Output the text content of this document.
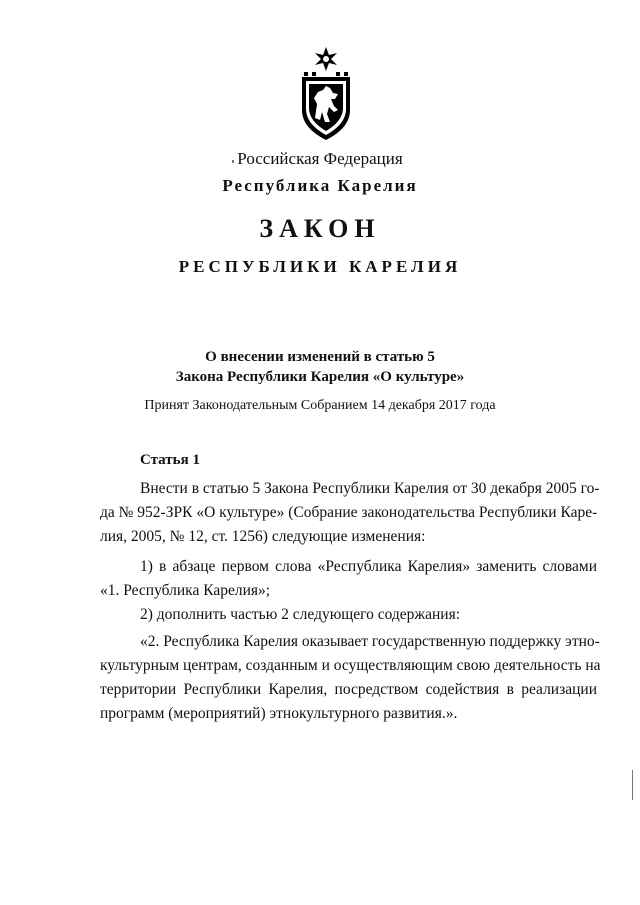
Российская Федерация
Республика Карелия
ЗАКОН
РЕСПУБЛИКИ КАРЕЛИЯ
О внесении изменений в статью 5
Закона Республики Карелия «О культуре»
Принят Законодательным Собранием 14 декабря 2017 года
Статья 1
Внести в статью 5 Закона Республики Карелия от 30 декабря 2005 го-
да № 952-ЗРК «О культуре» (Собрание законодательства Республики Каре-
лия, 2005, № 12, ст. 1256) следующие изменения:
1) в абзаце первом слова «Республика Карелия» заменить словами
«1. Республика Карелия»;
2) дополнить частью 2 следующего содержания:
«2. Республика Карелия оказывает государственную поддержку этно-
культурным центрам, созданным и осуществляющим свою деятельность на
территории Республики Карелия, посредством содействия в реализации
программ (мероприятий) этнокультурного развития.».
